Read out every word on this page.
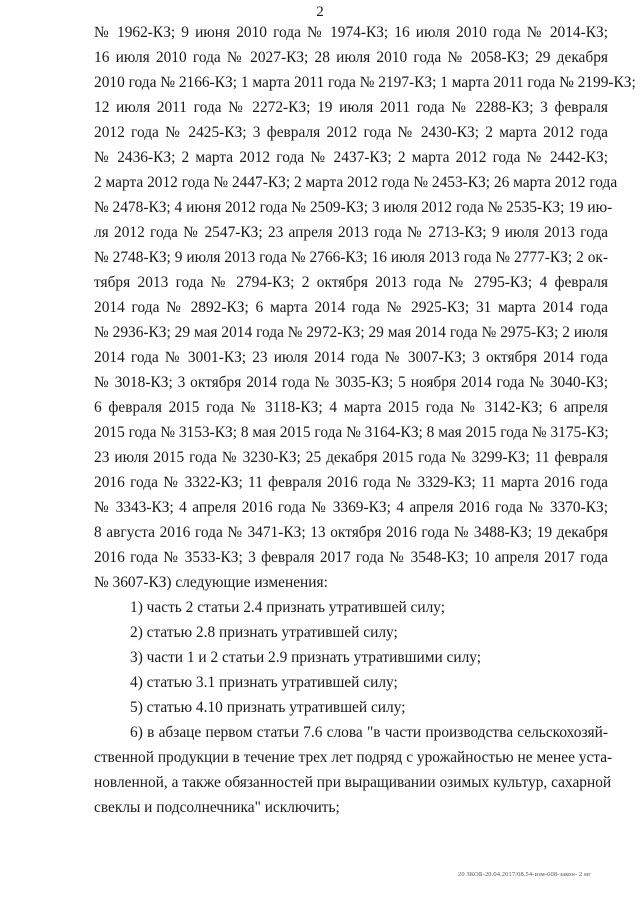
2
№ 1962-КЗ; 9 июня 2010 года № 1974-КЗ; 16 июля 2010 года № 2014-КЗ;
16 июля 2010 года № 2027-КЗ; 28 июля 2010 года № 2058-КЗ; 29 декабря
2010 года № 2166-КЗ; 1 марта 2011 года № 2197-КЗ; 1 марта 2011 года № 2199-КЗ;
12 июля 2011 года № 2272-КЗ; 19 июля 2011 года № 2288-КЗ; 3 февраля
2012 года № 2425-КЗ; 3 февраля 2012 года № 2430-КЗ; 2 марта 2012 года
№ 2436-КЗ; 2 марта 2012 года № 2437-КЗ; 2 марта 2012 года № 2442-КЗ;
2 марта 2012 года № 2447-КЗ; 2 марта 2012 года № 2453-КЗ; 26 марта 2012 года
№ 2478-КЗ; 4 июня 2012 года № 2509-КЗ; 3 июля 2012 года № 2535-КЗ; 19 ию-
ля 2012 года № 2547-КЗ; 23 апреля 2013 года № 2713-КЗ; 9 июля 2013 года
№ 2748-КЗ; 9 июля 2013 года № 2766-КЗ; 16 июля 2013 года № 2777-КЗ; 2 ок-
тября 2013 года № 2794-КЗ; 2 октября 2013 года № 2795-КЗ; 4 февраля
2014 года № 2892-КЗ; 6 марта 2014 года № 2925-КЗ; 31 марта 2014 года
№ 2936-КЗ; 29 мая 2014 года № 2972-КЗ; 29 мая 2014 года № 2975-КЗ; 2 июля
2014 года № 3001-КЗ; 23 июля 2014 года № 3007-КЗ; 3 октября 2014 года
№ 3018-КЗ; 3 октября 2014 года № 3035-КЗ; 5 ноября 2014 года № 3040-КЗ;
6 февраля 2015 года № 3118-КЗ; 4 марта 2015 года № 3142-КЗ; 6 апреля
2015 года № 3153-КЗ; 8 мая 2015 года № 3164-КЗ; 8 мая 2015 года № 3175-КЗ;
23 июля 2015 года № 3230-КЗ; 25 декабря 2015 года № 3299-КЗ; 11 февраля
2016 года № 3322-КЗ; 11 февраля 2016 года № 3329-КЗ; 11 марта 2016 года
№ 3343-КЗ; 4 апреля 2016 года № 3369-КЗ; 4 апреля 2016 года № 3370-КЗ;
8 августа 2016 года № 3471-КЗ; 13 октября 2016 года № 3488-КЗ; 19 декабря
2016 года № 3533-КЗ; 3 февраля 2017 года № 3548-КЗ; 10 апреля 2017 года
№ 3607-КЗ) следующие изменения:
1) часть 2 статьи 2.4 признать утратившей силу;
2) статью 2.8 признать утратившей силу;
3) части 1 и 2 статьи 2.9 признать утратившими силу;
4) статью 3.1 признать утратившей силу;
5) статью 4.10 признать утратившей силу;
6) в абзаце первом статьи 7.6 слова "в части производства сельскохозяй-
ственной продукции в течение трех лет подряд с урожайностью не менее уста-
новленной, а также обязанностей при выращивании озимых культур, сахарной
свеклы и подсолнечника" исключить;
20 ЗКОБ-20.04.2017/08.54-изм-608-закон- 2 мг
